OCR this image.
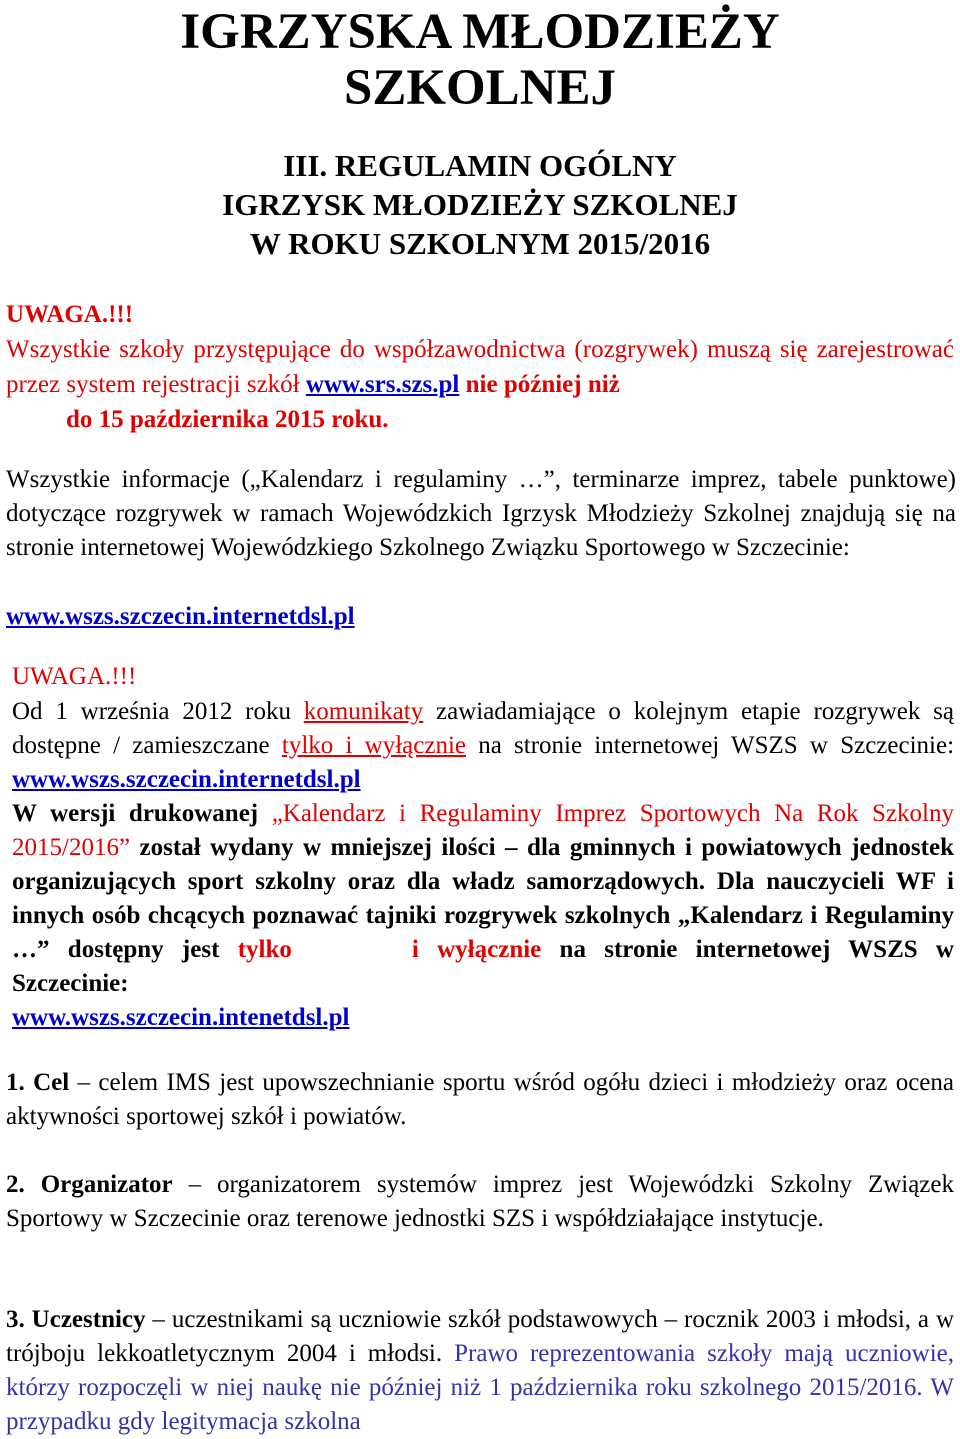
IGRZYSKA MŁODZIEŻY
SZKOLNEJ
III. REGULAMIN OGÓLNY
IGRZYSK MŁODZIEŻY SZKOLNEJ
W ROKU SZKOLNYM 2015/2016
UWAGA.!!!
Wszystkie szkoły przystępujące do współzawodnictwa (rozgrywek) muszą się zarejestrować przez system rejestracji szkół www.srs.szs.pl nie później niż
do 15 października 2015 roku.
Wszystkie informacje („Kalendarz i regulaminy …”, terminarze imprez, tabele punktowe) dotyczące rozgrywek w ramach Wojewódzkich Igrzysk Młodzieży Szkolnej znajdują się na stronie internetowej Wojewódzkiego Szkolnego Związku Sportowego w Szczecinie:
www.wszs.szczecin.internetdsl.pl
UWAGA.!!!
Od 1 września 2012 roku komunikaty zawiadamiające o kolejnym etapie rozgrywek są dostępne / zamieszczane tylko i wyłącznie na stronie internetowej WSZS w Szczecinie: www.wszs.szczecin.internetdsl.pl
W wersji drukowanej „Kalendarz i Regulaminy Imprez Sportowych Na Rok Szkolny 2015/2016” został wydany w mniejszej ilości – dla gminnych i powiatowych jednostek organizujących sport szkolny oraz dla władz samorządowych. Dla nauczycieli WF i innych osób chcących poznawać tajniki rozgrywek szkolnych „Kalendarz i Regulaminy …” dostępny jest tylko	i wyłącznie na stronie internetowej WSZS w Szczecinie:
www.wszs.szczecin.intenetdsl.pl
1. Cel – celem IMS jest upowszechnianie sportu wśród ogółu dzieci i młodzieży oraz ocena aktywności sportowej szkół i powiatów.
2. Organizator – organizatorem systemów imprez jest Wojewódzki Szkolny Związek Sportowy w Szczecinie oraz terenowe jednostki SZS i współdziałające instytucje.
3. Uczestnicy – uczestnikami są uczniowie szkół podstawowych – rocznik 2003 i młodsi, a w trójboju lekkoatletycznym 2004 i młodsi. Prawo reprezentowania szkoły mają uczniowie, którzy rozpoczęli w niej naukę nie później niż 1 października roku szkolnego 2015/2016. W przypadku gdy legitymacja szkolna
